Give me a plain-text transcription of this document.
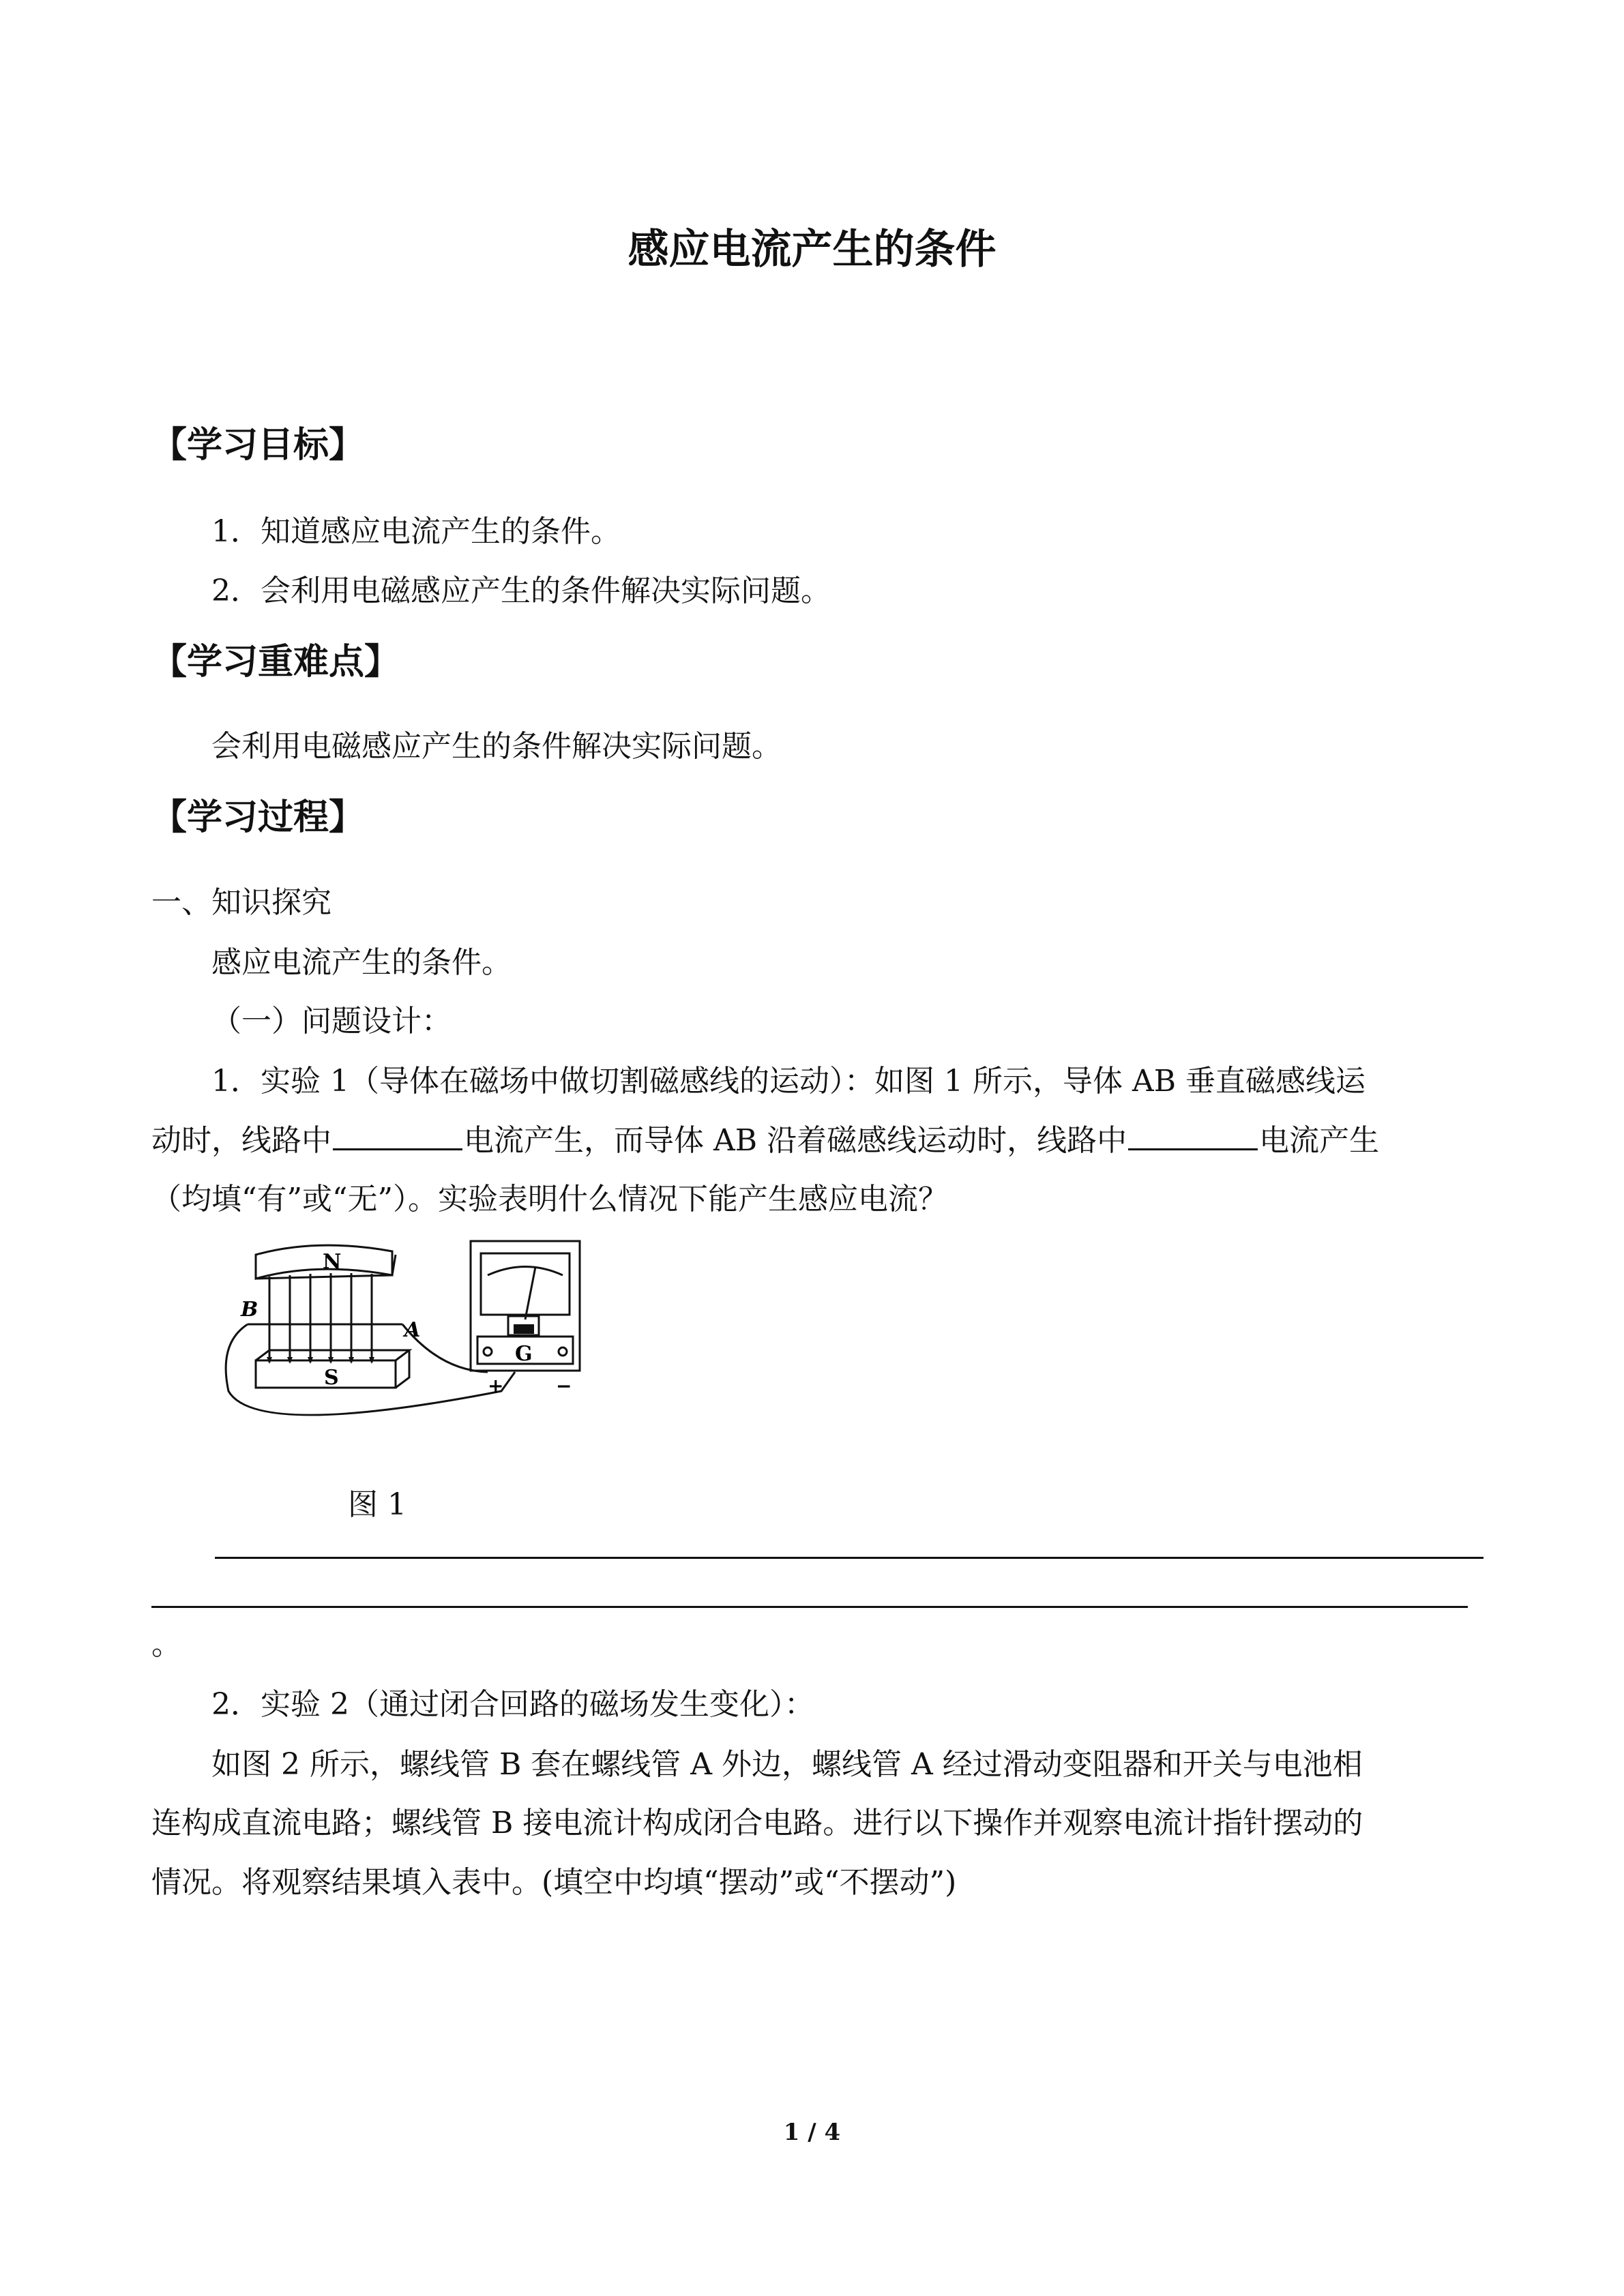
感应电流产生的条件
【学习目标】
1．知道感应电流产生的条件。
2．会利用电磁感应产生的条件解决实际问题。
【学习重难点】
会利用电磁感应产生的条件解决实际问题。
【学习过程】
一、知识探究
感应电流产生的条件。
（一）问题设计：
1．实验 1（导体在磁场中做切割磁感线的运动）：如图 1 所示，导体 AB 垂直磁感线运
动时，线路中	电流产生，而导体 AB 沿着磁感线运动时，线路中	电流产生
（均填“有”或“无”）。实验表明什么情况下能产生感应电流？
N
S
B
A
G
+	−
图 1
。
2．实验 2（通过闭合回路的磁场发生变化）：
如图 2 所示，螺线管 B 套在螺线管 A 外边，螺线管 A 经过滑动变阻器和开关与电池相
连构成直流电路；螺线管 B 接电流计构成闭合电路。进行以下操作并观察电流计指针摆动的
情况。将观察结果填入表中。(填空中均填“摆动”或“不摆动”)
1 / 4
